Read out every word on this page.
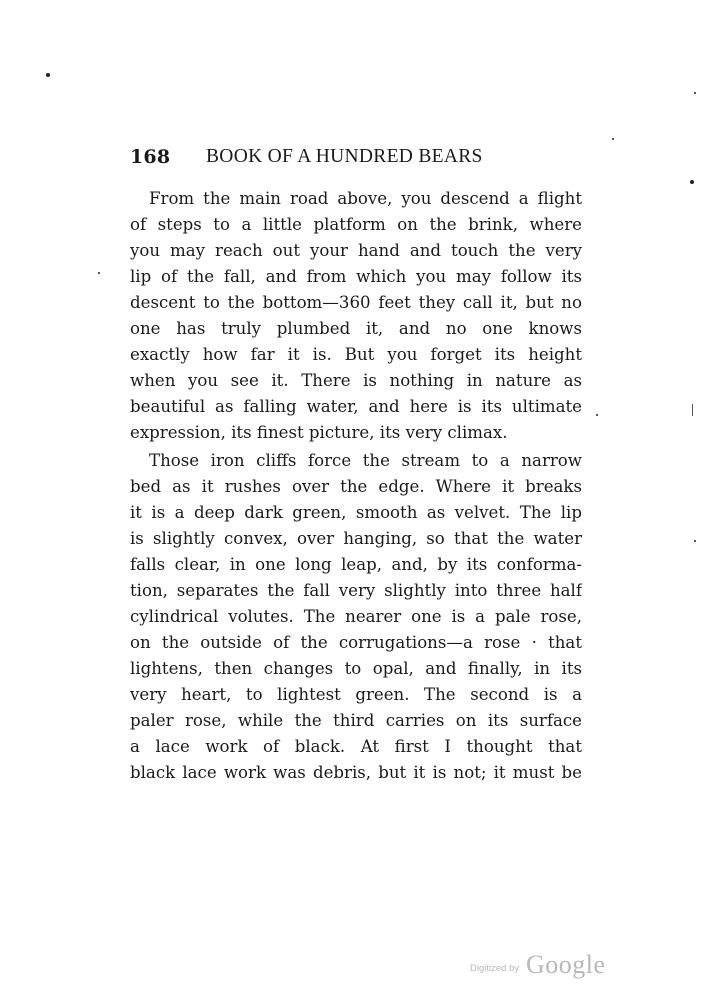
168 BOOK OF A HUNDRED BEARS
From the main road above, you descend a flight
of steps to a little platform on the brink, where
you may reach out your hand and touch the very
lip of the fall, and from which you may follow its
descent to the bottom—360 feet they call it, but no
one has truly plumbed it, and no one knows
exactly how far it is. But you forget its height
when you see it. There is nothing in nature as
beautiful as falling water, and here is its ultimate
expression, its finest picture, its very climax.
Those iron cliffs force the stream to a narrow
bed as it rushes over the edge. Where it breaks
it is a deep dark green, smooth as velvet. The lip
is slightly convex, over hanging, so that the water
falls clear, in one long leap, and, by its conforma-
tion, separates the fall very slightly into three half
cylindrical volutes. The nearer one is a pale rose,
on the outside of the corrugations—a rose · that
lightens, then changes to opal, and finally, in its
very heart, to lightest green. The second is a
paler rose, while the third carries on its surface
a lace work of black. At first I thought that
black lace work was debris, but it is not; it must be
Digitized by Google
